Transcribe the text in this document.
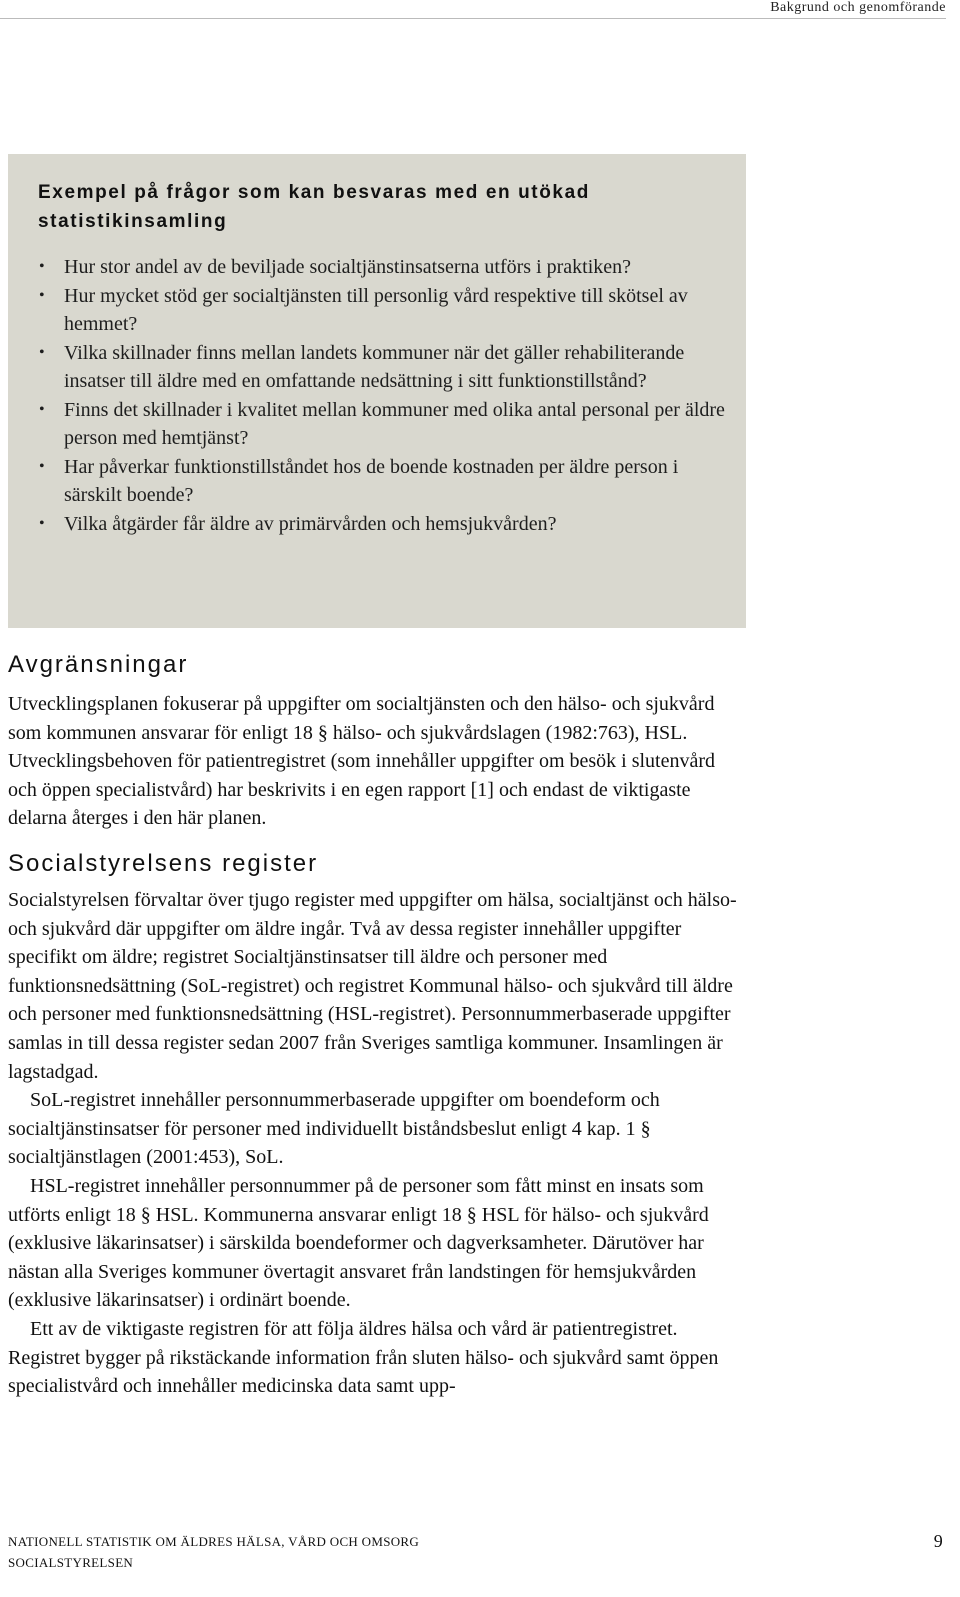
Bakgrund och genomförande
Exempel på frågor som kan besvaras med en utökad statistikinsamling
• Hur stor andel av de beviljade socialtjänstinsatserna utförs i praktiken?
• Hur mycket stöd ger socialtjänsten till personlig vård respektive till skötsel av hemmet?
• Vilka skillnader finns mellan landets kommuner när det gäller rehabiliterande insatser till äldre med en omfattande nedsättning i sitt funktionstillstånd?
• Finns det skillnader i kvalitet mellan kommuner med olika antal personal per äldre person med hemtjänst?
• Har påverkar funktionstillståndet hos de boende kostnaden per äldre person i särskilt boende?
• Vilka åtgärder får äldre av primärvården och hemsjukvården?
Avgränsningar

Utvecklingsplanen fokuserar på uppgifter om socialtjänsten och den hälso- och sjukvård som kommunen ansvarar för enligt 18 § hälso- och sjukvårdslagen (1982:763), HSL. Utvecklingsbehoven för patientregistret (som innehåller uppgifter om besök i slutenvård och öppen specialistvård) har beskrivits i en egen rapport [1] och endast de viktigaste delarna återges i den här planen.

Socialstyrelsens register

Socialstyrelsen förvaltar över tjugo register med uppgifter om hälsa, socialtjänst och hälso- och sjukvård där uppgifter om äldre ingår. Två av dessa register innehåller uppgifter specifikt om äldre; registret Socialtjänstinsatser till äldre och personer med funktionsnedsättning (SoL-registret) och registret Kommunal hälso- och sjukvård till äldre och personer med funktionsnedsättning (HSL-registret). Personnummerbaserade uppgifter samlas in till dessa register sedan 2007 från Sveriges samtliga kommuner. Insamlingen är lagstadgad.

SoL-registret innehåller personnummerbaserade uppgifter om boendeform och socialtjänstinsatser för personer med individuellt biståndsbeslut enligt 4 kap. 1 § socialtjänstlagen (2001:453), SoL.

HSL-registret innehåller personnummer på de personer som fått minst en insats som utförts enligt 18 § HSL. Kommunerna ansvarar enligt 18 § HSL för hälso- och sjukvård (exklusive läkarinsatser) i särskilda boendeformer och dagverksamheter. Därutöver har nästan alla Sveriges kommuner övertagit ansvaret från landstingen för hemsjukvården (exklusive läkarinsatser) i ordinärt boende.

Ett av de viktigaste registren för att följa äldres hälsa och vård är patientregistret. Registret bygger på rikstäckande information från sluten hälso- och sjukvård samt öppen specialistvård och innehåller medicinska data samt upp-

NATIONELL STATISTIK OM ÄLDRES HÄLSA, VÅRD OCH OMSORG
SOCIALSTYRELSEN
9
